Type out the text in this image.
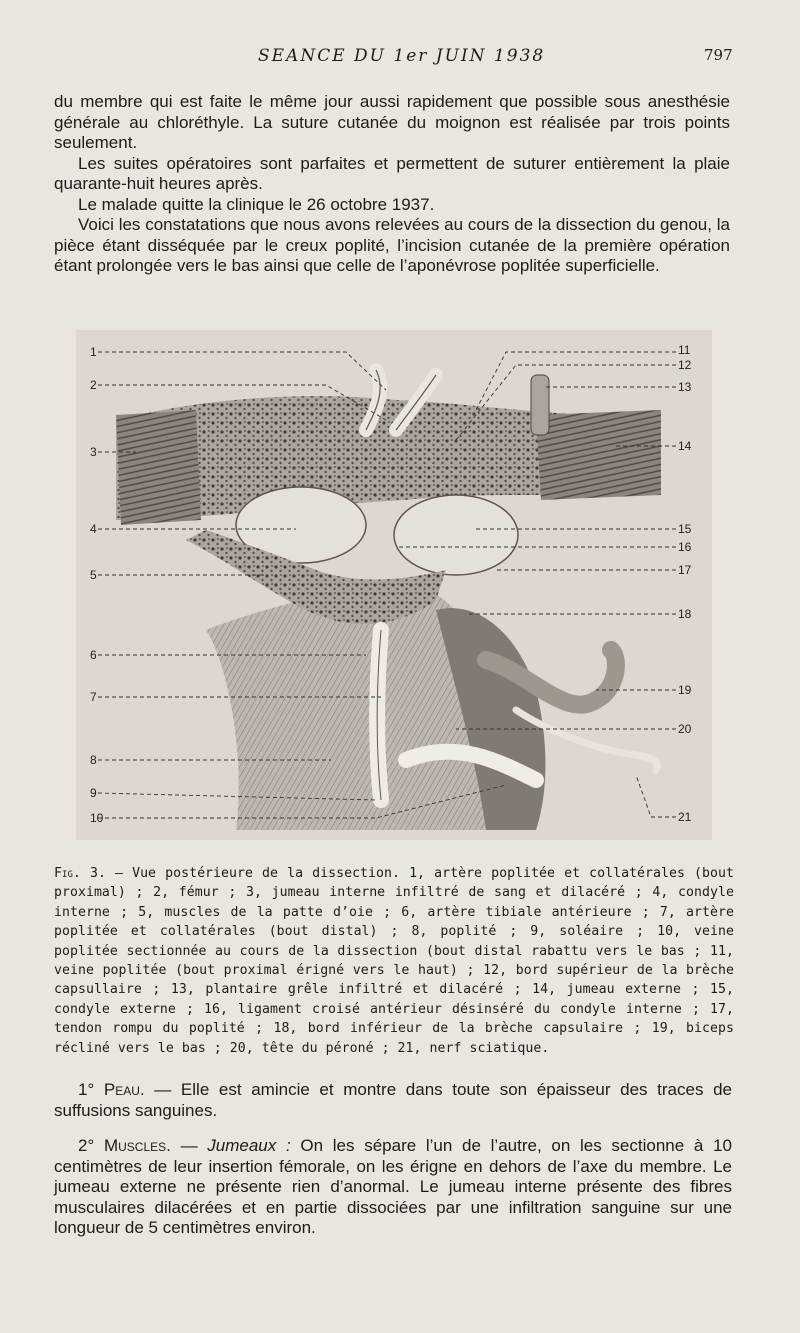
SEANCE DU 1er JUIN 1938	797

du membre qui est faite le même jour aussi rapidement que possible sous anesthésie générale au chloréthyle. La suture cutanée du moignon est réalisée par trois points seulement.

Les suites opératoires sont parfaites et permettent de suturer entièrement la plaie quarante-huit heures après.

Le malade quitte la clinique le 26 octobre 1937.

Voici les constatations que nous avons relevées au cours de la dissection du genou, la pièce étant disséquée par le creux poplité, l’incision cutanée de la première opération étant prolongée vers le bas ainsi que celle de l’aponévrose poplitée superficielle.

1
2
3
4
5
6
7
8
9
10
11
12
13
14
15
16
17
18
19
20
21

Fig. 3. — Vue postérieure de la dissection. 1, artère poplitée et collatérales (bout proximal) ; 2, fémur ; 3, jumeau interne infiltré de sang et dilacéré ; 4, condyle interne ; 5, muscles de la patte d’oie ; 6, artère tibiale antérieure ; 7, artère poplitée et collatérales (bout distal) ; 8, poplité ; 9, soléaire ; 10, veine poplitée sectionnée au cours de la dissection (bout distal rabattu vers le bas ; 11, veine poplitée (bout proximal érigné vers le haut) ; 12, bord supérieur de la brèche capsullaire ; 13, plantaire grêle infiltré et dilacéré ; 14, jumeau externe ; 15, condyle externe ; 16, ligament croisé antérieur désinséré du condyle interne ; 17, tendon rompu du poplité ; 18, bord inférieur de la brèche capsulaire ; 19, biceps récliné vers le bas ; 20, tête du péroné ; 21, nerf sciatique.

1° Peau. — Elle est amincie et montre dans toute son épaisseur des traces de suffusions sanguines.

2° Muscles. — Jumeaux : On les sépare l’un de l’autre, on les sectionne à 10 centimètres de leur insertion fémorale, on les érigne en dehors de l’axe du membre. Le jumeau externe ne présente rien d’anormal. Le jumeau interne présente des fibres musculaires dilacérées et en partie dissociées par une infiltration sanguine sur une longueur de 5 centimètres environ.
